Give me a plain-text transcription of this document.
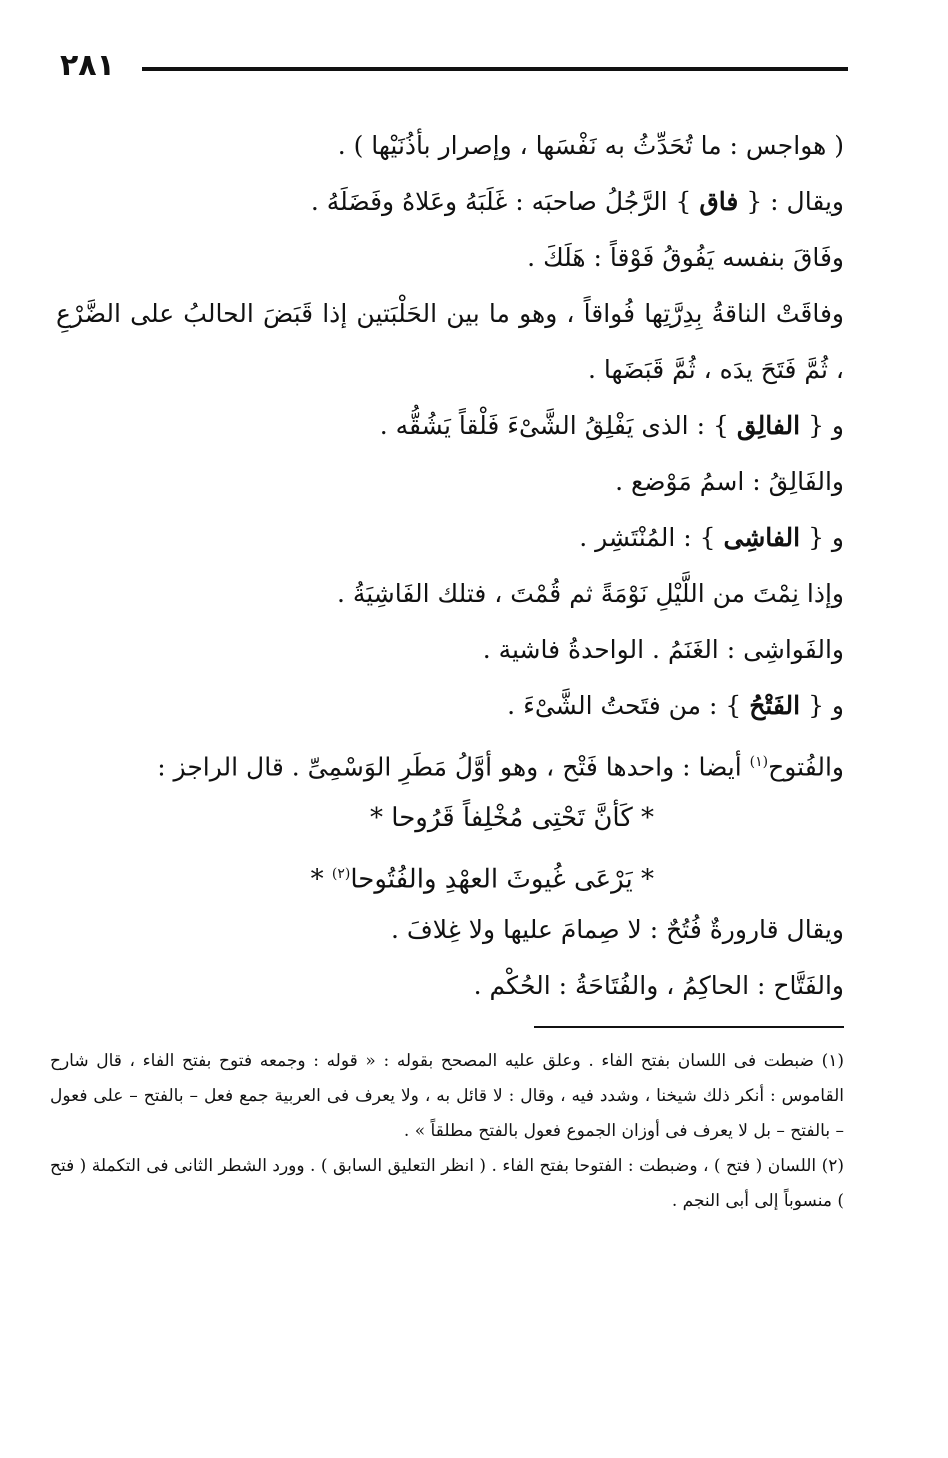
٢٨١
( هواجس : ما تُحَدِّثُ به نَفْسَها ، وإصرار بأذُنَيْها ) .
ويقال : { فاق } الرَّجُلُ صاحبَه : غَلَبَهُ وعَلاهُ وفَضَلَهُ .
وفَاقَ بنفسه يَفُوقُ فَوْقاً : هَلَكَ .
وفاقَتْ الناقةُ بِدِرَّتِها فُواقاً ، وهو ما بين الحَلْبَتين إذا قَبَضَ الحالبُ على الضَّرْعِ ، ثُمَّ فَتَحَ يدَه ، ثُمَّ قَبَضَها .
و { الفالِق } : الذى يَفْلِقُ الشَّىْءَ فَلْقاً يَشُقُّه .
والفَالِقُ : اسمُ مَوْضع .
و { الفاشِى } : المُنْتَشِر .
وإذا نِمْتَ من اللَّيْلِ نَوْمَةً ثم قُمْتَ ، فتلك الفَاشِيَةُ .
والفَواشِى : الغَنَمُ . الواحدةُ فاشية .
و { الفَتْحُ } : من فتَحتُ الشَّىْءَ .
والفُتوح$^{(١)}$ أيضا : واحدها فَتْح ، وهو أوَّلُ مَطَرِ الوَسْمِىِّ . قال الراجز :
* كَأنَّ تَحْتِى مُخْلِفاً قَرُوحا *
* يَرْعَى غُيوثَ العهْدِ والفُتُوحا$^{(٢)}$ *
ويقال قارورةٌ فُتُحٌ : لا صِمامَ عليها ولا غِلافَ .
والفَتَّاح : الحاكِمُ ، والفُتَاحَةُ : الحُكْم .
(١) ضبطت فى اللسان بفتح الفاء . وعلق عليه المصحح بقوله : « قوله : وجمعه فتوح بفتح الفاء ، قال شارح القاموس : أنكر ذلك شيخنا ، وشدد فيه ، وقال : لا قائل به ، ولا يعرف فى العربية جمع فعل – بالفتح – على فعول – بالفتح – بل لا يعرف فى أوزان الجموع فعول بالفتح مطلقاً » .
(٢) اللسان ( فتح ) ، وضبطت : الفتوحا بفتح الفاء . ( انظر التعليق السابق ) . وورد الشطر الثانى فى التكملة ( فتح ) منسوباً إلى أبى النجم .
